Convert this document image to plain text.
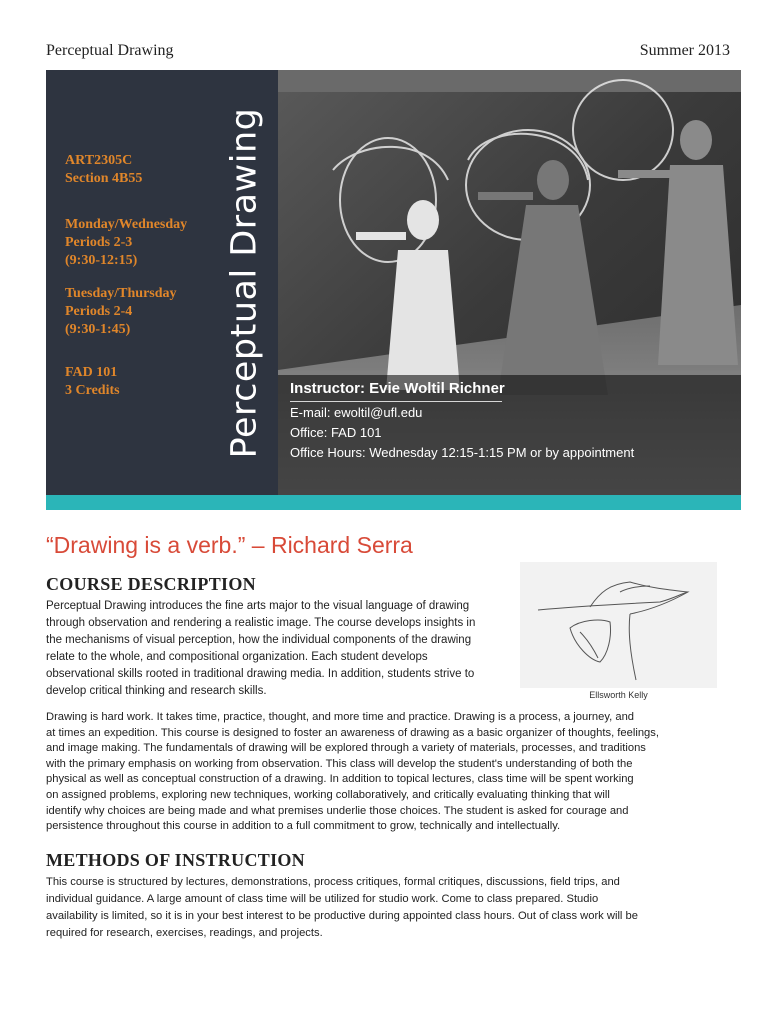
Perceptual Drawing	Summer 2013
ART2305C
Section 4B55
Monday/Wednesday
Periods 2-3
(9:30-12:15)
Tuesday/Thursday
Periods 2-4
(9:30-1:45)
FAD 101
3 Credits	Perceptual Drawing Instructor: Evie Woltil Richner
E-mail: ewoltil@ufl.edu
Office: FAD 101
Office Hours: Wednesday 12:15-1:15 PM or by appointment
“Drawing is a verb.” – Richard Serra
COURSE DESCRIPTION
Perceptual Drawing introduces the fine arts major to the visual language of drawing
through observation and rendering a realistic image. The course develops insights in
the mechanisms of visual perception, how the individual components of the drawing
relate to the whole, and compositional organization. Each student develops
observational skills rooted in traditional drawing media. In addition, students strive to
develop critical thinking and research skills.	Ellsworth Kelly
Drawing is hard work. It takes time, practice, thought, and more time and practice. Drawing is a process, a journey, and
at times an expedition. This course is designed to foster an awareness of drawing as a basic organizer of thoughts, feelings,
and image making. The fundamentals of drawing will be explored through a variety of materials, processes, and traditions
with the primary emphasis on working from observation. This class will develop the student's understanding of both the
physical as well as conceptual construction of a drawing. In addition to topical lectures, class time will be spent working
on assigned problems, exploring new techniques, working collaboratively, and critically evaluating thinking that will
identify why choices are being made and what premises underlie those choices. The student is asked for courage and
persistence throughout this course in addition to a full commitment to grow, technically and intellectually.
METHODS OF INSTRUCTION
This course is structured by lectures, demonstrations, process critiques, formal critiques, discussions, field trips, and
individual guidance. A large amount of class time will be utilized for studio work. Come to class prepared. Studio
availability is limited, so it is in your best interest to be productive during appointed class hours. Out of class work will be
required for research, exercises, readings, and projects.
